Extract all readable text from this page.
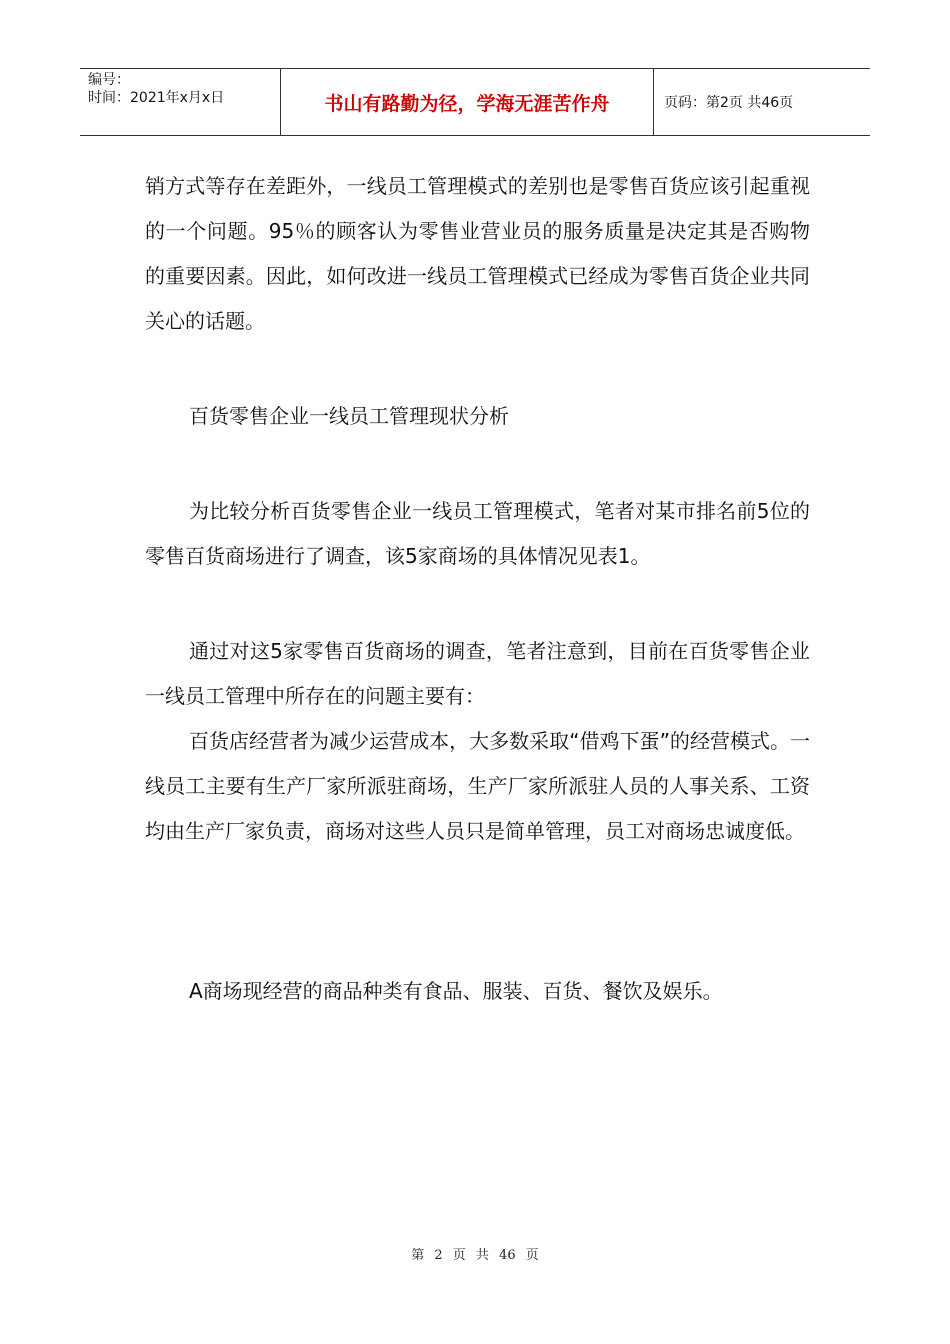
编号：
时间：2021年x月x日	书山有路勤为径，学海无涯苦作舟	页码：第2页 共46页

销方式等存在差距外，一线员工管理模式的差别也是零售百货应该引起重视的一个问题。95％的顾客认为零售业营业员的服务质量是决定其是否购物的重要因素。因此，如何改进一线员工管理模式已经成为零售百货企业共同关心的话题。

百货零售企业一线员工管理现状分析

为比较分析百货零售企业一线员工管理模式，笔者对某市排名前5位的零售百货商场进行了调查，该5家商场的具体情况见表1。

通过对这5家零售百货商场的调查，笔者注意到，目前在百货零售企业一线员工管理中所存在的问题主要有：

百货店经营者为减少运营成本，大多数采取“借鸡下蛋”的经营模式。一线员工主要有生产厂家所派驻商场，生产厂家所派驻人员的人事关系、工资均由生产厂家负责，商场对这些人员只是简单管理，员工对商场忠诚度低。

A商场现经营的商品种类有食品、服装、百货、餐饮及娱乐。

第 2 页 共 46 页
